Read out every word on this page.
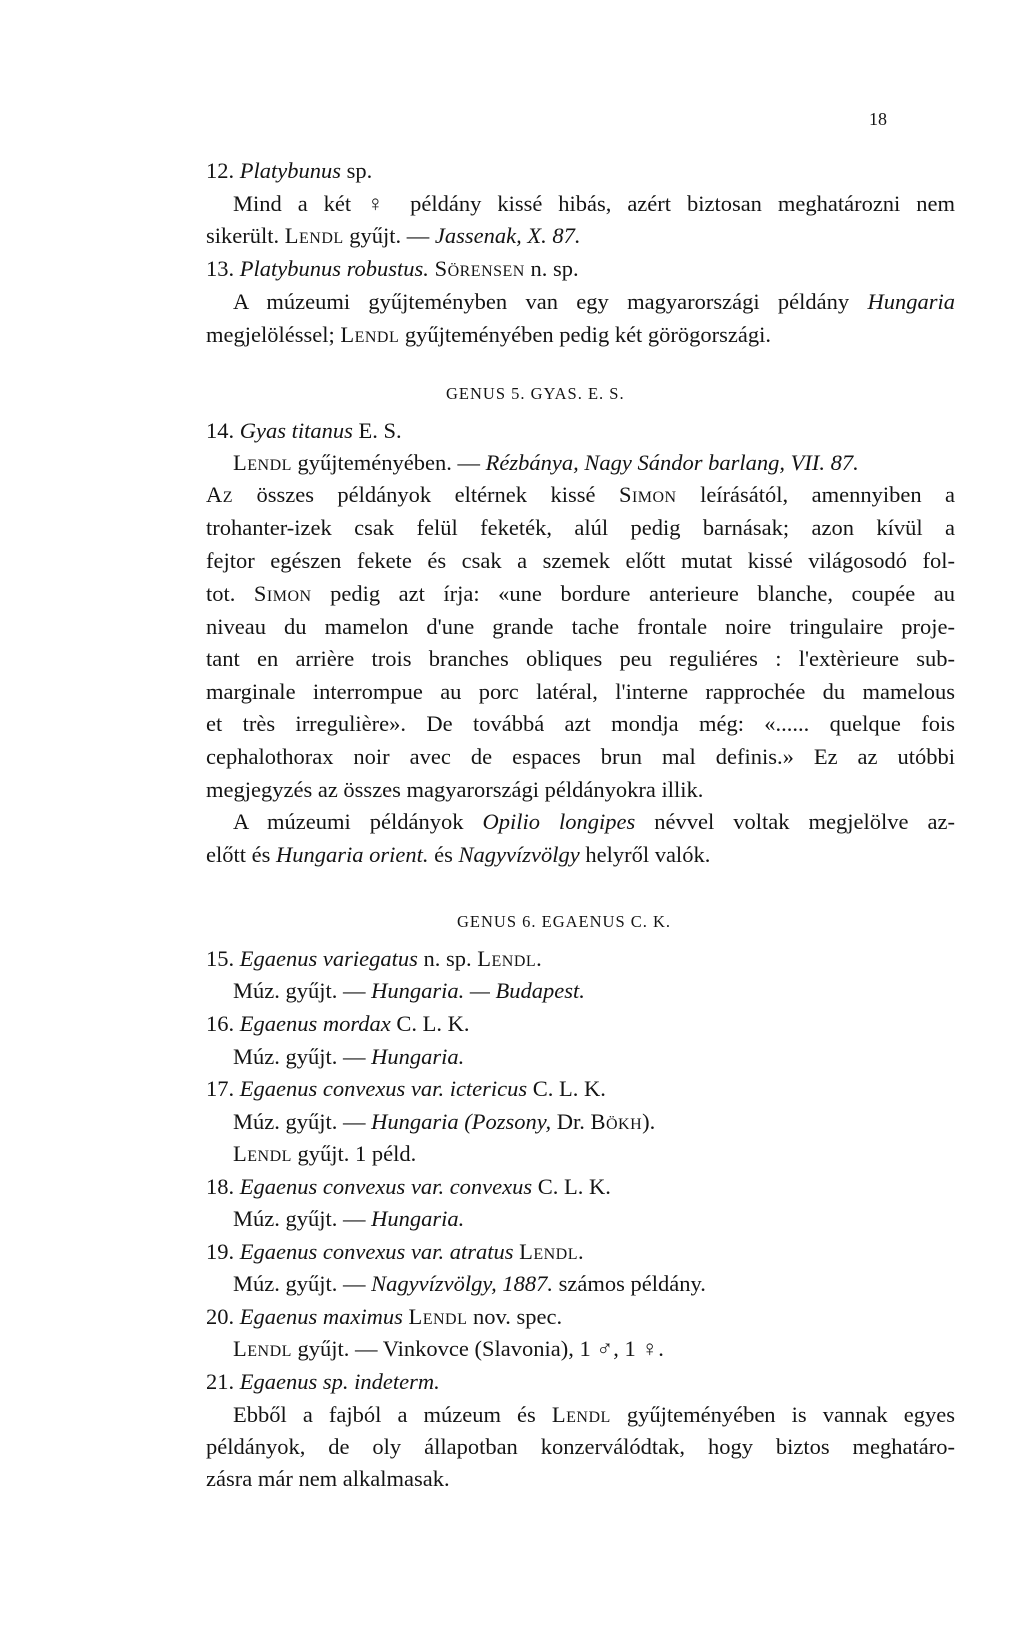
18
12. Platybunus sp.
Mind a két ♀ példány kissé hibás, azért biztosan meghatározni nem
sikerült. Lendl gyűjt. — Jassenak, X. 87.
13. Platybunus robustus. Sörensen n. sp.
A múzeumi gyűjteményben van egy magyarországi példány Hungaria
megjelöléssel; Lendl gyűjteményében pedig két görögországi.
GENUS 5. GYAS. E. S.
14. Gyas titanus E. S.
Lendl gyűjteményében. — Rézbánya, Nagy Sándor barlang, VII. 87.
Az összes példányok eltérnek kissé Simon leírásától, amennyiben a
trohanter-izek csak felül feketék, alúl pedig barnásak; azon kívül a
fejtor egészen fekete és csak a szemek előtt mutat kissé világosodó fol-
tot. Simon pedig azt írja: «une bordure anterieure blanche, coupée au
niveau du mamelon d'une grande tache frontale noire tringulaire proje-
tant en arrière trois branches obliques peu reguliéres : l'extèrieure sub-
marginale interrompue au porc latéral, l'interne rapprochée du mamelous
et très irregulière». De továbbá azt mondja még: «...... quelque fois
cephalothorax noir avec de espaces brun mal definis.» Ez az utóbbi
megjegyzés az összes magyarországi példányokra illik.
A múzeumi példányok Opilio longipes névvel voltak megjelölve az-
előtt és Hungaria orient. és Nagyvízvölgy helyről valók.
GENUS 6. EGAENUS C. K.
15. Egaenus variegatus n. sp. Lendl.
Múz. gyűjt. — Hungaria. — Budapest.
16. Egaenus mordax C. L. K.
Múz. gyűjt. — Hungaria.
17. Egaenus convexus var. ictericus C. L. K.
Múz. gyűjt. — Hungaria (Pozsony, Dr. Bökh).
Lendl gyűjt. 1 péld.
18. Egaenus convexus var. convexus C. L. K.
Múz. gyűjt. — Hungaria.
19. Egaenus convexus var. atratus Lendl.
Múz. gyűjt. — Nagyvízvölgy, 1887. számos példány.
20. Egaenus maximus Lendl nov. spec.
Lendl gyűjt. — Vinkovce (Slavonia), 1 ♂, 1 ♀.
21. Egaenus sp. indeterm.
Ebből a fajból a múzeum és Lendl gyűjteményében is vannak egyes
példányok, de oly állapotban konzerválódtak, hogy biztos meghatáro-
zásra már nem alkalmasak.
